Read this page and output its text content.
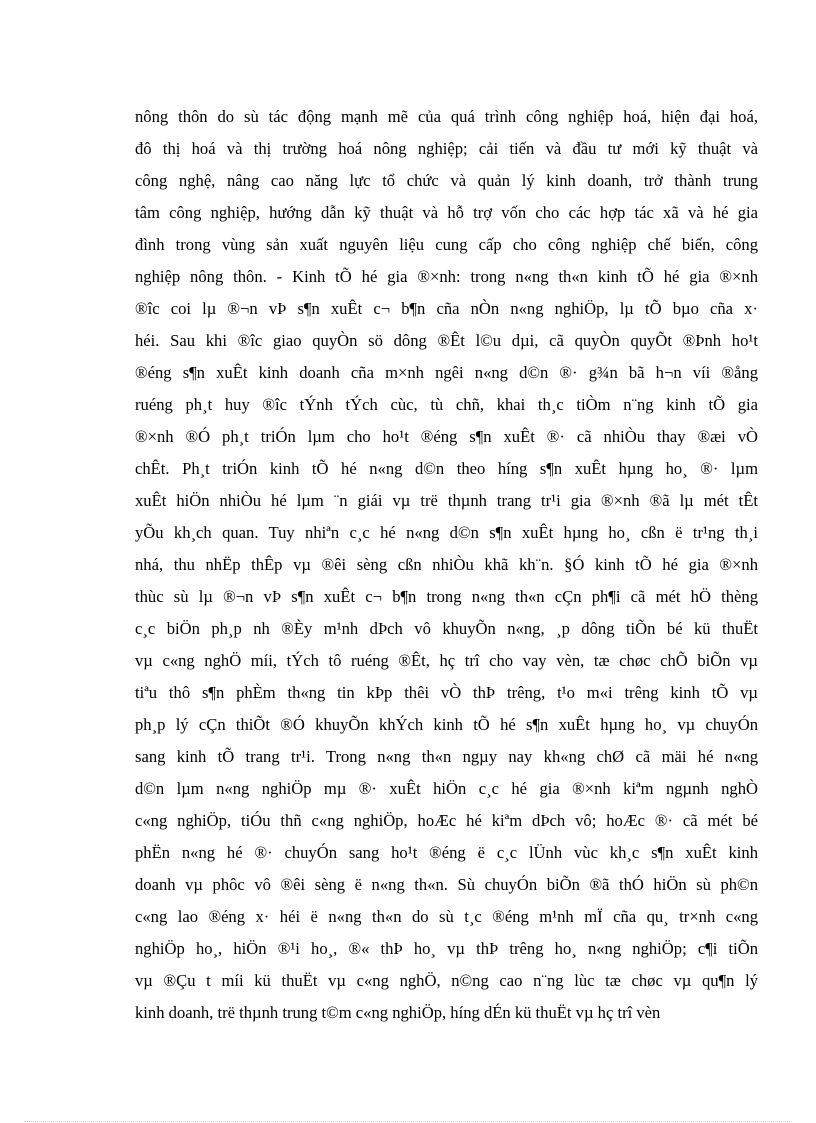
nông thôn do sù tác động mạnh mẽ của quá trình công nghiệp hoá, hiện đại hoá,
đô thị hoá và thị trường hoá nông nghiệp; cải tiến và đầu tư mới kỹ thuật và
công nghệ, nâng cao năng lực tổ chức và quản lý kinh doanh, trở thành trung
tâm công nghiệp, hướng dẫn kỹ thuật và hỗ trợ vốn cho các hợp tác xã và hé gia
đình trong vùng sản xuất nguyên liệu cung cấp cho công nghiệp chế biến, công
nghiệp nông thôn. - Kinh tÕ hé gia ®×nh: trong n«ng th«n kinh tÕ hé gia ®×nh
®îc coi lµ ®¬n vÞ s¶n xuÊt c¬ b¶n cña nÒn n«ng nghiÖp, lµ tÕ bµo cña x·
héi. Sau khi ®îc giao quyÒn sö dông ®Êt l©u dµi, cã quyÒn quyÕt ®Þnh ho¹t
®éng s¶n xuÊt kinh doanh cña m×nh ngêi n«ng d©n ®· g¾n bã h¬n víi ®ång
ruéng ph¸t huy ®îc tÝnh tÝch cùc, tù chñ, khai th¸c tiÒm n¨ng kinh tÕ gia
®×nh ®Ó ph¸t triÓn lµm cho ho¹t ®éng s¶n xuÊt ®· cã nhiÒu thay ®æi vÒ
chÊt. Ph¸t triÓn kinh tÕ hé n«ng d©n theo híng s¶n xuÊt hµng ho¸ ®· lµm
xuÊt hiÖn nhiÒu hé lµm ¨n giái vµ trë thµnh trang tr¹i gia ®×nh ®ã lµ mét tÊt
yÕu kh¸ch quan. Tuy nhiªn c¸c hé n«ng d©n s¶n xuÊt hµng ho¸ cßn ë tr¹ng th¸i
nhá, thu nhËp thÊp vµ ®êi sèng cßn nhiÒu khã kh¨n. §Ó kinh tÕ hé gia ®×nh
thùc sù lµ ®¬n vÞ s¶n xuÊt c¬ b¶n trong n«ng th«n cÇn ph¶i cã mét hÖ thèng
c¸c biÖn ph¸p nh ®Èy m¹nh dÞch vô khuyÕn n«ng, ¸p dông tiÕn bé kü thuËt
vµ c«ng nghÖ míi, tÝch tô ruéng ®Êt, hç trî cho vay vèn, tæ chøc chÕ biÕn vµ
tiªu thô s¶n phÈm th«ng tin kÞp thêi vÒ thÞ trêng, t¹o m«i trêng kinh tÕ vµ
ph¸p lý cÇn thiÕt ®Ó khuyÕn khÝch kinh tÕ hé s¶n xuÊt hµng ho¸ vµ chuyÓn
sang kinh tÕ trang tr¹i. Trong n«ng th«n ngµy nay kh«ng chØ cã mäi hé n«ng
d©n lµm n«ng nghiÖp mµ ®· xuÊt hiÖn c¸c hé gia ®×nh kiªm ngµnh nghÒ
c«ng nghiÖp, tiÓu thñ c«ng nghiÖp, hoÆc hé kiªm dÞch vô; hoÆc ®· cã mét bé
phËn n«ng hé ®· chuyÓn sang ho¹t ®éng ë c¸c lÜnh vùc kh¸c s¶n xuÊt kinh
doanh vµ phôc vô ®êi sèng ë n«ng th«n. Sù chuyÓn biÕn ®ã thÓ hiÖn sù ph©n
c«ng lao ®éng x· héi ë n«ng th«n do sù t¸c ®éng m¹nh mÏ cña qu¸ tr×nh c«ng
nghiÖp ho¸, hiÖn ®¹i ho¸, ®« thÞ ho¸ vµ thÞ trêng ho¸ n«ng nghiÖp; c¶i tiÕn
vµ ®Çu t míi kü thuËt vµ c«ng nghÖ, n©ng cao n¨ng lùc tæ chøc vµ qu¶n lý
kinh doanh, trë thµnh trung t©m c«ng nghiÖp, híng dÉn kü thuËt vµ hç trî vèn
